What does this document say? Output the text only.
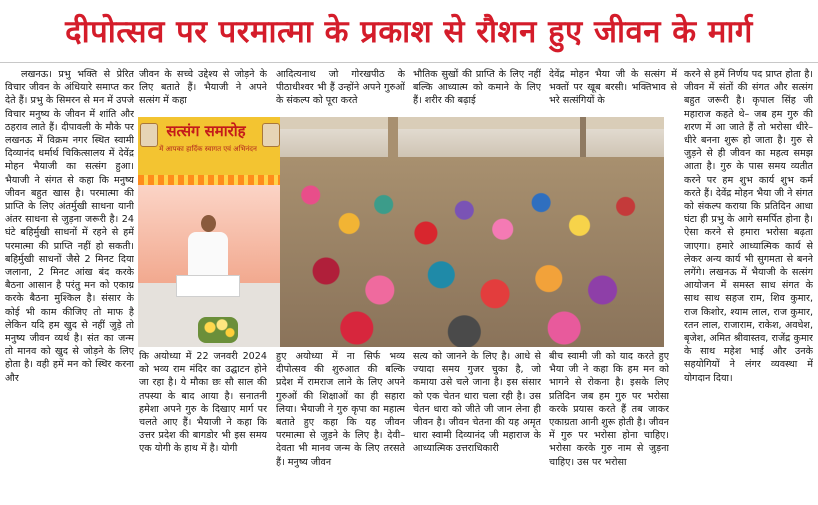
दीपोत्सव पर परमात्मा के प्रकाश से रौशन हुए जीवन के मार्ग

लखनऊ। प्रभु भक्ति से प्रेरित विचार जीवन के अंधियारे समाप्त कर देते हैं। प्रभु के सिमरन से मन में उपजे विचार मनुष्य के जीवन में शांति और ठहराव लाते हैं। दीपावली के मौके पर लखनऊ में विक्रम नगर स्थित स्वामी दिव्यानंद धर्मार्थ चिकित्सालय में देवेंद्र मोहन भैयाजी का सत्संग हुआ। भैयाजी ने संगत से कहा कि मनुष्य जीवन बहुत खास है। परमात्मा की प्राप्ति के लिए अंतर्मुखी साधना यानी अंतर साधना से जुड़ना जरूरी है। 24 घंटे बहिर्मुखी साधनों में रहने से हमें परमात्मा की प्राप्ति नहीं हो सकती। बहिर्मुखी साधनों जैसे 2 मिनट दिया जलाना, 2 मिनट आंख बंद करके बैठना आसान है परंतु मन को एकाग्र करके बैठना मुश्किल है। संसार के कोई भी काम कीजिए तो माफ है लेकिन यदि हम खुद से नहीं जुड़े तो मनुष्य जीवन व्यर्थ है। संत का जन्म तो मानव को खुद से जोड़ने के लिए होता है। वही हमें मन को स्थिर करना और

जीवन के सच्चे उद्देश्य से जोड़ने के लिए बताते हैं। भैयाजी ने अपने सत्संग में कहा

आदित्यनाथ जो गोरखपीठ के पीठाधीश्वर भी हैं उन्होंने अपने गुरुओं के संकल्प को पूरा करते

भौतिक सुखों की प्राप्ति के लिए नहीं बल्कि आध्यात्म को कमाने के लिए हैं। शरीर की बढ़ाई

देवेंद्र मोहन भैया जी के सत्संग में भक्तों पर खूब बरसी। भक्तिभाव से भरे सत्संगियों के

सत्संग समारोह
में आपका हार्दिक स्वागत एवं अभिनंदन

कि अयोध्या में 22 जनवरी 2024 को भव्य राम मंदिर का उद्घाटन होने जा रहा है। ये मौका छः सौ साल की तपस्या के बाद आया है। सनातनी हमेशा अपने गुरु के दिखाए मार्ग पर चलते आए हैं। भैयाजी ने कहा कि उत्तर प्रदेश की बागडोर भी इस समय एक योगी के हाथ में है। योगी

हुए अयोध्या में ना सिर्फ भव्य दीपोत्सव की शुरुआत की बल्कि प्रदेश में रामराज लाने के लिए अपने गुरुओं की शिक्षाओं का ही सहारा लिया। भैयाजी ने गुरु कृपा का महात्म बताते हुए कहा कि यह जीवन परमात्मा से जुड़ने के लिए है। देवी–देवता भी मानव जन्म के लिए तरसते हैं। मनुष्य जीवन

सत्य को जानने के लिए है। आधे से ज्यादा समय गुजर चुका है, जो कमाया उसे चले जाना है। इस संसार को एक चेतन धारा चला रही है। उस चेतन धारा को जीते जी जान लेना ही जीवन है। जीवन चेतना की यह अमृत धारा स्वामी दिव्यानंद जी महाराज के आध्यात्मिक उत्तराधिकारी

बीच स्वामी जी को याद करते हुए भैया जी ने कहा कि हम मन को भागने से रोकना है। इसके लिए प्रतिदिन जब हम गुरु पर भरोसा करके प्रयास करते हैं तब जाकर एकाग्रता आनी शुरू होती है। जीवन में गुरु पर भरोसा होना चाहिए। भरोसा करके गुरु नाम से जुड़ना चाहिए। उस पर भरोसा

करने से हमें निर्णय पद प्राप्त होता है। जीवन में संतों की संगत और सत्संग बहुत जरूरी है। कृपाल सिंह जी महाराज कहते थे– जब हम गुरु की शरण में आ जाते हैं तो भरोसा धीरे–धीरे बनना शुरू हो जाता है। गुरु से जुड़ने से ही जीवन का महत्व समझ आता है। गुरु के पास समय व्यतीत करने पर हम शुभ कार्य शुभ कर्म करते हैं। देवेंद्र मोहन भैया जी ने संगत को संकल्प कराया कि प्रतिदिन आधा घंटा ही प्रभु के आगे समर्पित होना है। ऐसा करने से हमारा भरोसा बढ़ता जाएगा। हमारे आध्यात्मिक कार्य से लेकर अन्य कार्य भी सुगमता से बनने लगेंगे। लखनऊ में भैयाजी के सत्संग आयोजन में समस्त साध संगत के साथ साथ सहज राम, शिव कुमार, राज किशोर, श्याम लाल, राज कुमार, रतन लाल, राजाराम, राकेश, अवधेश, बृजेश, अमित श्रीवास्तव, राजेंद्र कुमार के साथ महेश भाई और उनके सहयोगियों ने लंगर व्यवस्था में योगदान दिया।
